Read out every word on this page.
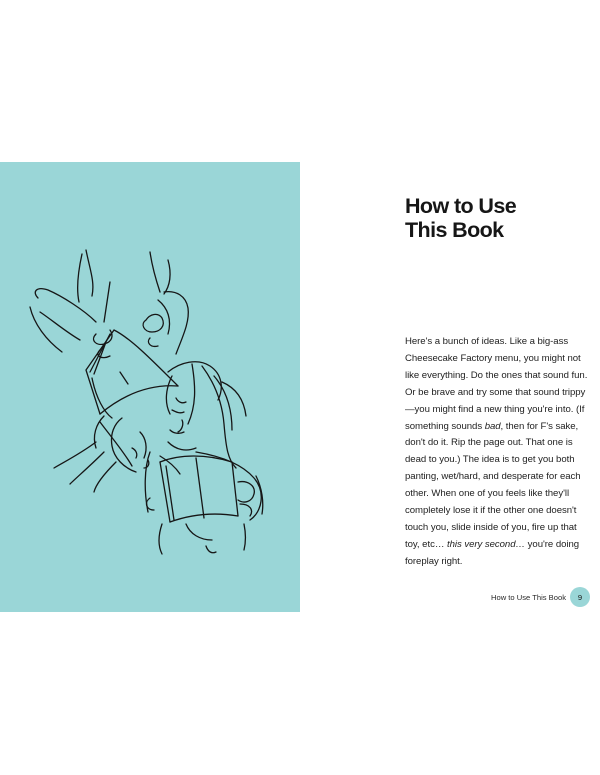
How to Use
This Book
Here's a bunch of ideas. Like a big-ass Cheesecake Factory menu, you might not like everything. Do the ones that sound fun. Or be brave and try some that sound trippy—you might find a new thing you're into. (If something sounds bad, then for F's sake, don't do it. Rip the page out. That one is dead to you.) The idea is to get you both panting, wet/hard, and desperate for each other. When one of you feels like they'll completely lose it if the other one doesn't touch you, slide inside of you, fire up that toy, etc… this very second… you're doing foreplay right.
How to Use This Book	9
